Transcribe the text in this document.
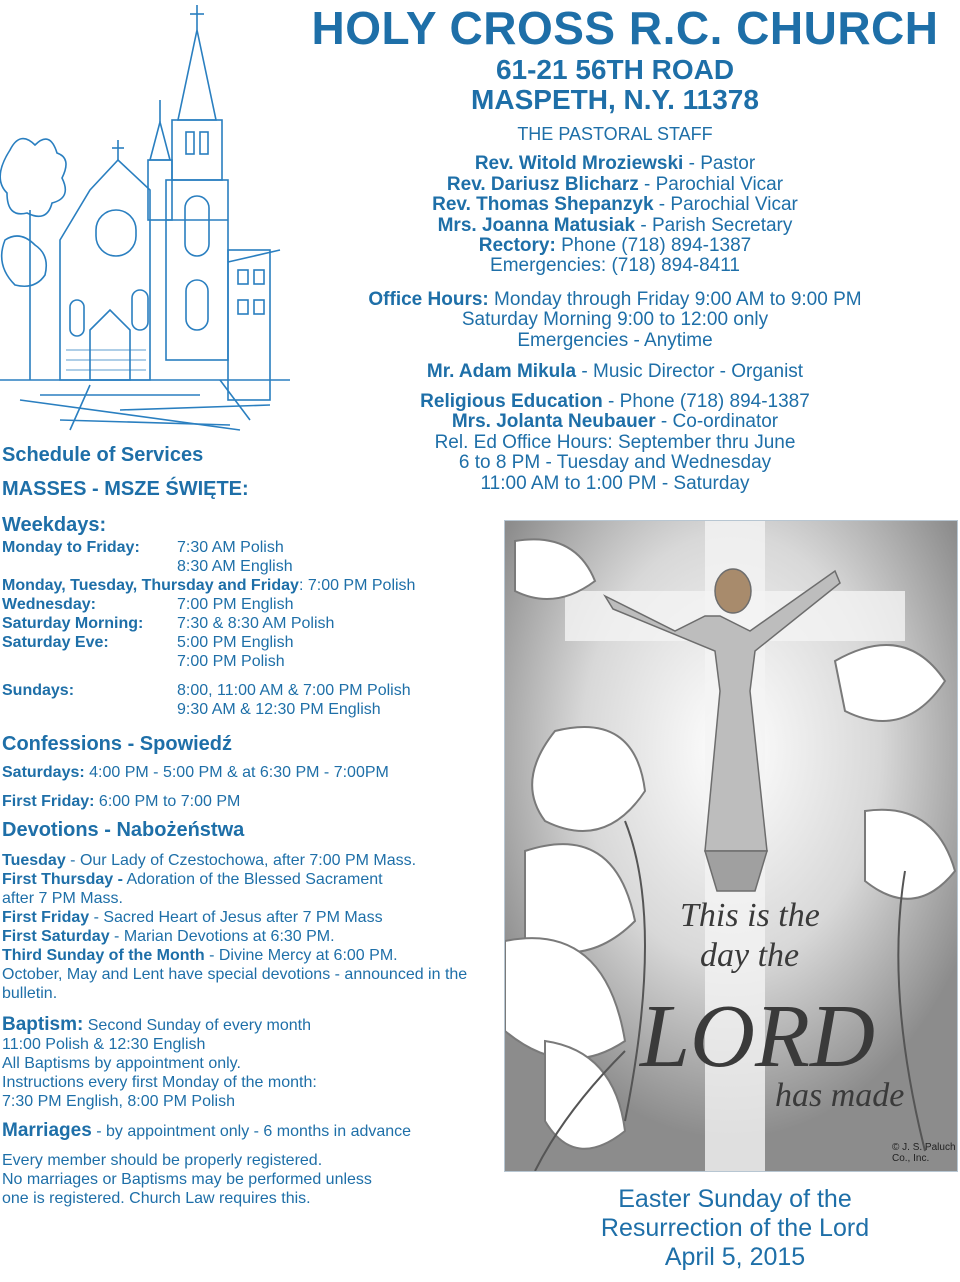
HOLY CROSS R.C. CHURCH
61-21 56TH ROAD
MASPETH, N.Y. 11378
THE PASTORAL STAFF
Rev. Witold Mroziewski - Pastor
Rev. Dariusz Blicharz - Parochial Vicar
Rev. Thomas Shepanzyk - Parochial Vicar
Mrs. Joanna Matusiak - Parish Secretary
Rectory: Phone (718) 894-1387
Emergencies: (718) 894-8411
Office Hours: Monday through Friday 9:00 AM to 9:00 PM
Saturday Morning 9:00 to 12:00 only
Emergencies - Anytime
Mr. Adam Mikula - Music Director - Organist
Religious Education - Phone (718) 894-1387
Mrs. Jolanta Neubauer - Co-ordinator
Rel. Ed Office Hours: September thru June
6 to 8 PM - Tuesday and Wednesday
11:00 AM to 1:00 PM - Saturday
Schedule of Services
MASSES - MSZE ŚWIĘTE:
Weekdays:
Monday to Friday:	7:30 AM Polish
8:30 AM English
Monday, Tuesday, Thursday and Friday: 7:00 PM Polish
Wednesday:	7:00 PM English
Saturday Morning:	7:30 & 8:30 AM Polish
Saturday Eve:	5:00 PM English
7:00 PM Polish
Sundays:	8:00, 11:00 AM & 7:00 PM Polish
9:30 AM & 12:30 PM English
Confessions - Spowiedź
Saturdays: 4:00 PM - 5:00 PM & at 6:30 PM - 7:00PM
First Friday: 6:00 PM to 7:00 PM
Devotions - Nabożeństwa
Tuesday - Our Lady of Czestochowa, after 7:00 PM Mass.
First Thursday - Adoration of the Blessed Sacrament
after 7 PM Mass.
First Friday - Sacred Heart of Jesus after 7 PM Mass
First Saturday - Marian Devotions at 6:30 PM.
Third Sunday of the Month - Divine Mercy at 6:00 PM.
October, May and Lent have special devotions - announced in the bulletin.
Baptism: Second Sunday of every month
11:00 Polish & 12:30 English
All Baptisms by appointment only.
Instructions every first Monday of the month:
7:30 PM English, 8:00 PM Polish
Marriages - by appointment only - 6 months in advance
Every member should be properly registered.
No marriages or Baptisms may be performed unless
one is registered. Church Law requires this.
This is the
day the
LORD
has made
© J. S. Paluch Co., Inc.
Easter Sunday of the
Resurrection of the Lord
April 5, 2015
